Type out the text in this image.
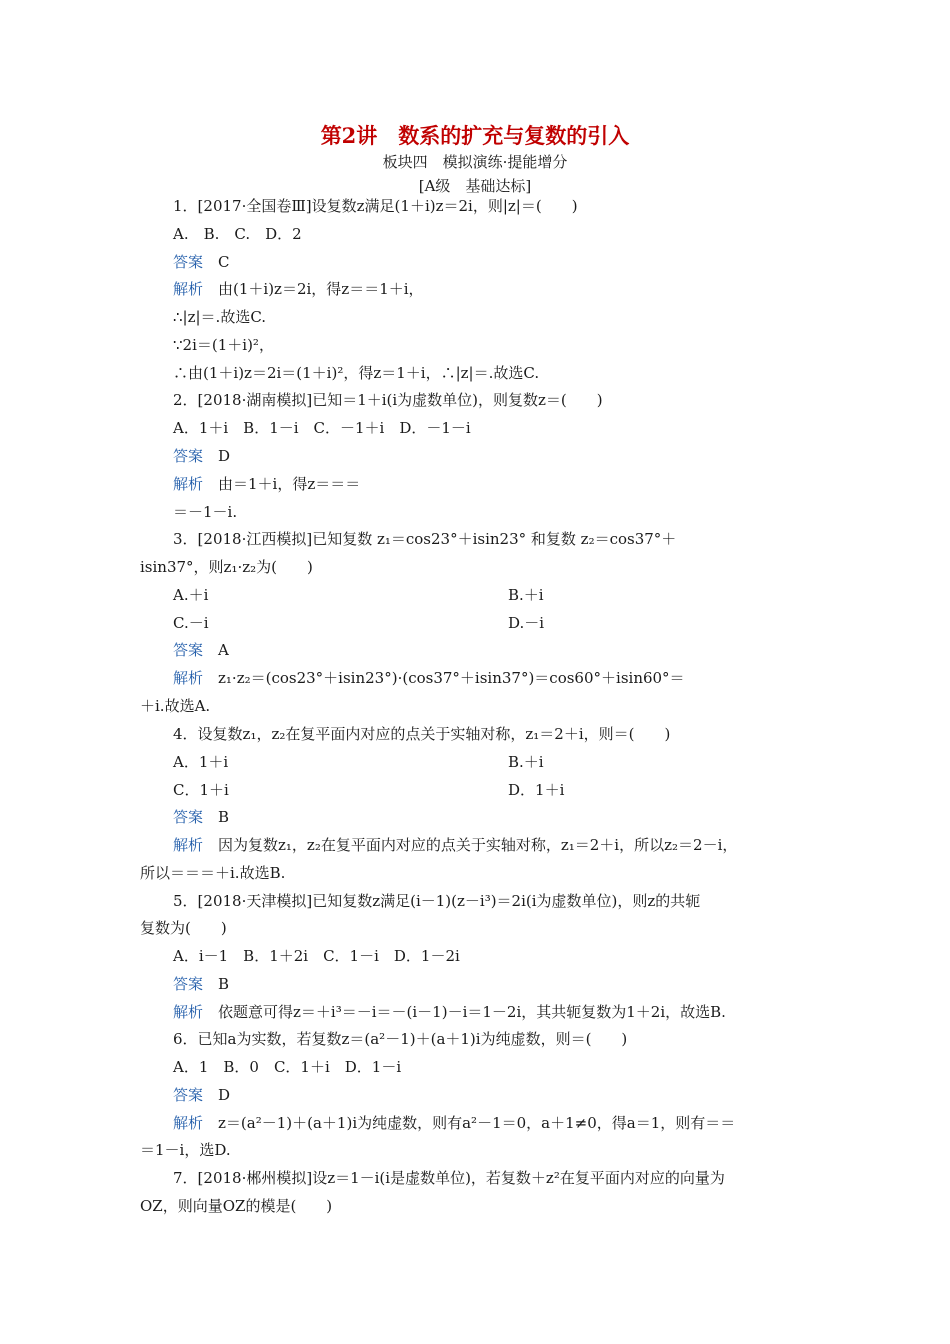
第2讲　数系的扩充与复数的引入
板块四　模拟演练·提能增分
[A级　基础达标]
1．[2017·全国卷Ⅲ]设复数z满足(1＋i)z＝2i，则|z|＝(　　)
A.　B.　C.　D．2
答案　C
解析　由(1＋i)z＝2i，得z＝＝1＋i，
∴|z|＝.故选C.
∵2i＝(1＋i)²，
∴由(1＋i)z＝2i＝(1＋i)²，得z＝1＋i，∴|z|＝.故选C.
2．[2018·湖南模拟]已知＝1＋i(i为虚数单位)，则复数z＝(　　)
A．1＋i　B．1－i　C．－1＋i　D．－1－i
答案　D
解析　由＝1＋i，得z＝＝＝
＝－1－i.
3．[2018·江西模拟]已知复数 z₁＝cos23°＋isin23° 和复数 z₂＝cos37°＋
isin37°，则z₁·z₂为(　　)
A.＋i	B.＋i
C.－i	D.－i
答案　A
解析　z₁·z₂＝(cos23°＋isin23°)·(cos37°＋isin37°)＝cos60°＋isin60°＝
＋i.故选A.
4．设复数z₁，z₂在复平面内对应的点关于实轴对称，z₁＝2＋i，则＝(　　)
A．1＋i	B.＋i
C．1＋i	D．1＋i
答案　B
解析　因为复数z₁，z₂在复平面内对应的点关于实轴对称，z₁＝2＋i，所以z₂＝2－i，
所以＝＝＝＋i.故选B.
5．[2018·天津模拟]已知复数z满足(i－1)(z－i³)＝2i(i为虚数单位)，则z的共轭
复数为(　　)
A．i－1　B．1＋2i　C．1－i　D．1－2i
答案　B
解析　依题意可得z＝＋i³＝－i＝－(i－1)－i＝1－2i，其共轭复数为1＋2i，故选B.
6．已知a为实数，若复数z＝(a²－1)＋(a＋1)i为纯虚数，则＝(　　)
A．1　B．0　C．1＋i　D．1－i
答案　D
解析　z＝(a²－1)＋(a＋1)i为纯虚数，则有a²－1＝0，a＋1≠0，得a＝1，则有＝＝
＝1－i，选D.
7．[2018·郴州模拟]设z＝1－i(i是虚数单位)，若复数＋z²在复平面内对应的向量为
OZ，则向量OZ的模是(　　)
